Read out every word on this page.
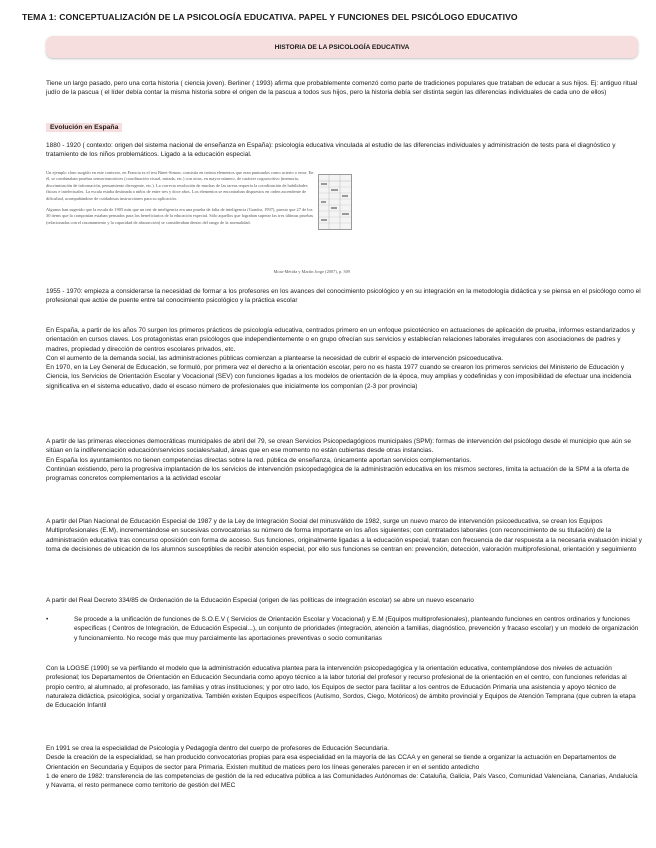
TEMA 1: CONCEPTUALIZACIÓN DE LA PSICOLOGÍA EDUCATIVA. PAPEL Y FUNCIONES DEL PSICÓLOGO EDUCATIVO
HISTORIA DE LA PSICOLOGÍA EDUCATIVA
Tiene un largo pasado, pero una corta historia ( ciencia joven). Berliner ( 1993) afirma que probablemente comenzó como parte de tradiciones populares que trataban de educar a sus hijos. Ej: antiguo ritual judío de la pascua ( el líder debía contar la misma historia sobre el origen de la pascua a todos sus hijos, pero la historia debía ser distinta según las diferencias individuales de cada uno de ellos)
Evolución en España
1880 - 1920 ( contexto: origen del sistema nacional de enseñanza en España): psicología educativa vinculada al estudio de las diferencias individuales y administración de tests para el diagnóstico y tratamiento de los niños problemáticos. Ligado a la educación especial.

Un ejemplo claro surgido en este contexto, en Francia es el test Binet-Simon; consistía en treinta elementos que eran puntuados como acierto o error. En él, se combinaban pruebas sensoriomotrices (coordinación visual, mirada, etc.) con otras, en mayor número, de carácter cognoscitivo (memoria, discriminación de información, pensamiento divergente, etc.). La correcta resolución de muchas de las tareas requería la coordinación de habilidades físicas e intelectuales. La escala estaba destinada a niños de entre tres y doce años. Los elementos se encontraban dispuestos en orden ascendente de dificultad, acompañándose de cuidadosas instrucciones para su aplicación.

Algunos han sugerido que la escala de 1905 más que un test de inteligencia era una prueba de falta de inteligencia (Gondra, 1997), puesto que 27 de los 30 items que la componían estaban pensados para los beneficiarios de la educación especial. Sólo aquellos que lograban superar las tres últimas pruebas (relacionadas con el razonamiento y la capacidad de abstracción) se consideraban dentro del rango de la normalidad.

Mora-Mérida y Martín Jorge (2007), p. 309
1955 - 1970: empieza a considerarse la necesidad de formar a los profesores en los avances del conocimiento psicológico y en su integración en la metodología didáctica y se piensa en el psicólogo como el profesional que actúe de puente entre tal conocimiento psicológico y la práctica escolar

En España, a partir de los años 70 surgen los primeros prácticos de psicología educativa, centrados primero en un enfoque psicotécnico en actuaciones de aplicación de prueba, informes estandarizados y orientación en cursos claves. Los protagonistas eran psicólogos que independientemente o en grupo ofrecían sus servicios y establecían relaciones laborales irregulares con asociaciones de padres y madres, propiedad y dirección de centros escolares privados, etc.

Con el aumento de la demanda social, las administraciones públicas comienzan a plantearse la necesidad de cubrir el espacio de intervención psicoeducativa.

En 1970, en la Ley General de Educación, se formuló, por primera vez el derecho a la orientación escolar, pero no es hasta 1977 cuando se crearon los primeros servicios del Ministerio de Educación y Ciencia, los Servicios de Orientación Escolar y Vocacional (SEV) con funciones ligadas a los modelos de orientación de la época, muy amplias y codefinidas y con imposibilidad de efectuar una incidencia significativa en el sistema educativo, dado el escaso número de profesionales que inicialmente los componían (2-3 por provincia)

A partir de las primeras elecciones democráticas municipales de abril del 79, se crean Servicios Psicopedagógicos municipales (SPM): formas de intervención del psicólogo desde el municipio que aún se sitúan en la indiferenciación educación/servicios sociales/salud, áreas que en ese momento no están cubiertas desde otras instancias.

En España los ayuntamientos no tienen competencias directas sobre la red. pública de enseñanza, únicamente aportan servicios complementarios.

Continúan existiendo, pero la progresiva implantación de los servicios de intervención psicopedagógica de la administración educativa en los mismos sectores, limita la actuación de la SPM a la oferta de programas concretos complementarios a la actividad escolar

A partir del Plan Nacional de Educación Especial de 1987 y de la Ley de Integración Social del minusválido de 1982, surge un nuevo marco de intervención psicoeducativa, se crean los Equipos Multiprofesionales (E.M), incrementándose en sucesivas convocatorias su número de forma importante en los años siguientes; con contratados laborales (con reconocimiento de su titulación) de la administración educativa tras concurso oposición con forma de acceso. Sus funciones, originalmente ligadas a la educación especial, tratan con frecuencia de dar respuesta a la necesaria evaluación inicial y toma de decisiones de ubicación de los alumnos susceptibles de recibir atención especial, por ello sus funciones se centran en: prevención, detección, valoración multiprofesional, orientación y seguimiento
A partir del Real Decreto 334/85 de Ordenación de la Educación Especial (origen de las políticas de integración escolar) se abre un nuevo escenario
•	Se procede a la unificación de funciones de S.O.E.V ( Servicios de Orientación Escolar y Vocacional) y E.M (Equipos multiprofesionales), planteando funciones en centros ordinarios y funciones específicas ( Centros de Integración, de Educación Especial...), un conjunto de prioridades (integración, atención a familias, diagnóstico, prevención y fracaso escolar) y un modelo de organización y funcionamiento. No recoge más que muy parcialmente las aportaciones preventivas o socio comunitarias
Con la LOGSE (1990) se va perfilando el modelo que la administración educativa plantea para la intervención psicopedagógica y la orientación educativa, contemplándose dos niveles de actuación profesional; los Departamentos de Orientación en Educación Secundaria como apoyo técnico a la labor tutorial del profesor y recurso profesional de la orientación en el centro, con funciones referidas al propio centro, al alumnado, al profesorado, las familias y otras instituciones; y por otro lado, los Equipos de sector para facilitar a los centros de Educación Primaria una asistencia y apoyo técnico de naturaleza didáctica, psicológica, social y organizativa. También existen Equipos específicos (Autismo, Sordos, Ciego, Motóricos) de ámbito provincial y Equipos de Atención Temprana (que cubren la etapa de Educación Infantil

En 1991 se crea la especialidad de Psicología y Pedagogía dentro del cuerpo de profesores de Educación Secundaria.

Desde la creación de la especialidad, se han producido convocatorias propias para esa especialidad en la mayoría de las CCAA y en general se tiende a organizar la actuación en Departamentos de Orientación en Secundaria y Equipos de sector para Primaria. Existen multitud de matices pero los líneas generales parecen ir en el sentido antedicho

1 de enero de 1982: transferencia de las competencias de gestión de la red educativa pública a las Comunidades Autónomas de: Cataluña, Galicia, País Vasco, Comunidad Valenciana, Canarias, Andalucía y Navarra, el resto permanece como territorio de gestión del MEC
